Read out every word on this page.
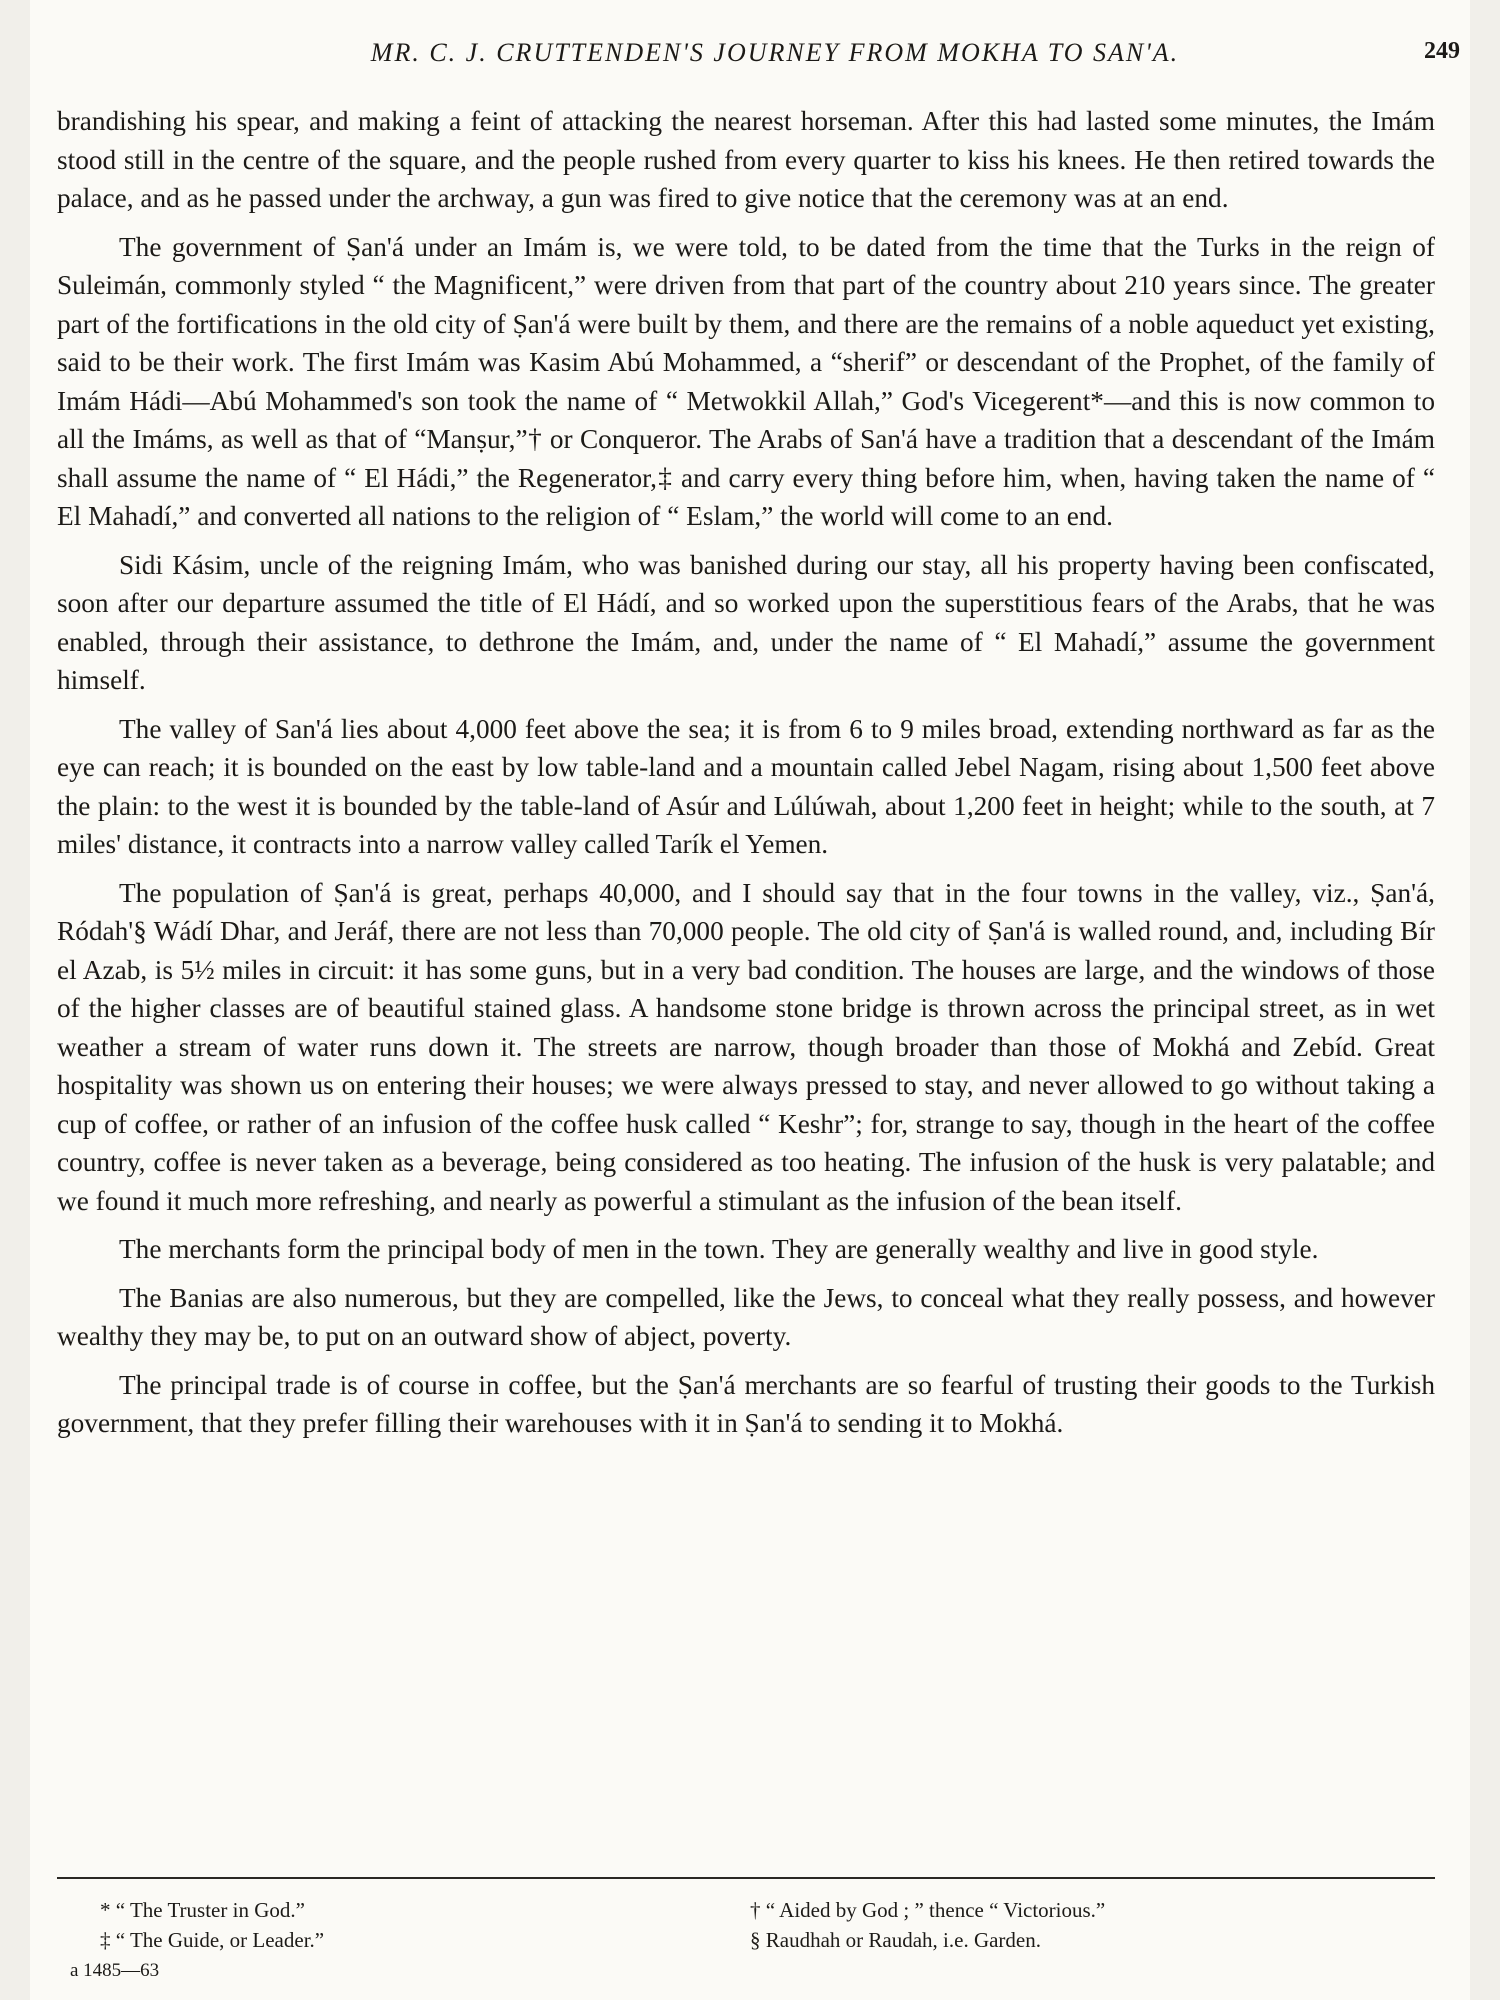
MR. C. J. CRUTTENDEN'S JOURNEY FROM MOKHA TO SAN'A.	249

brandishing his spear, and making a feint of attacking the nearest horseman. After this had lasted some minutes, the Imám stood still in the centre of the square, and the people rushed from every quarter to kiss his knees. He then retired towards the palace, and as he passed under the archway, a gun was fired to give notice that the ceremony was at an end.

The government of Ṣan'á under an Imám is, we were told, to be dated from the time that the Turks in the reign of Suleimán, commonly styled “ the Magnificent,” were driven from that part of the country about 210 years since. The greater part of the fortifications in the old city of Ṣan'á were built by them, and there are the remains of a noble aqueduct yet existing, said to be their work. The first Imám was Kasim Abú Mohammed, a “sherif” or descendant of the Prophet, of the family of Imám Hádi—Abú Mohammed's son took the name of “ Metwokkil Allah,” God's Vicegerent*—and this is now common to all the Imáms, as well as that of “Manṣur,”† or Conqueror. The Arabs of San'á have a tradition that a descendant of the Imám shall assume the name of “ El Hádi,” the Regenerator,‡ and carry every thing before him, when, having taken the name of “ El Mahadí,” and converted all nations to the religion of “ Eslam,” the world will come to an end.

Sidi Kásim, uncle of the reigning Imám, who was banished during our stay, all his property having been confiscated, soon after our departure assumed the title of El Hádí, and so worked upon the superstitious fears of the Arabs, that he was enabled, through their assistance, to dethrone the Imám, and, under the name of “ El Mahadí,” assume the government himself.

The valley of San'á lies about 4,000 feet above the sea; it is from 6 to 9 miles broad, extending northward as far as the eye can reach; it is bounded on the east by low table-land and a mountain called Jebel Nagam, rising about 1,500 feet above the plain: to the west it is bounded by the table-land of Asúr and Lúlúwah, about 1,200 feet in height; while to the south, at 7 miles' distance, it contracts into a narrow valley called Tarík el Yemen.

The population of Ṣan'á is great, perhaps 40,000, and I should say that in the four towns in the valley, viz., Ṣan'á, Ródah'§ Wádí Dhar, and Jeráf, there are not less than 70,000 people. The old city of Ṣan'á is walled round, and, including Bír el Azab, is 5½ miles in circuit: it has some guns, but in a very bad condition. The houses are large, and the windows of those of the higher classes are of beautiful stained glass. A handsome stone bridge is thrown across the principal street, as in wet weather a stream of water runs down it. The streets are narrow, though broader than those of Mokhá and Zebíd. Great hospitality was shown us on entering their houses; we were always pressed to stay, and never allowed to go without taking a cup of coffee, or rather of an infusion of the coffee husk called “ Keshr”; for, strange to say, though in the heart of the coffee country, coffee is never taken as a beverage, being considered as too heating. The infusion of the husk is very palatable; and we found it much more refreshing, and nearly as powerful a stimulant as the infusion of the bean itself.

The merchants form the principal body of men in the town. They are generally wealthy and live in good style.

The Banias are also numerous, but they are compelled, like the Jews, to conceal what they really possess, and however wealthy they may be, to put on an outward show of abject, poverty.

The principal trade is of course in coffee, but the Ṣan'á merchants are so fearful of trusting their goods to the Turkish government, that they prefer filling their warehouses with it in Ṣan'á to sending it to Mokhá.

* “ The Truster in God.”	† “ Aided by God ; ” thence “ Victorious.”
‡ “ The Guide, or Leader.”	§ Raudhah or Raudah, i.e. Garden.
a 1485—63
